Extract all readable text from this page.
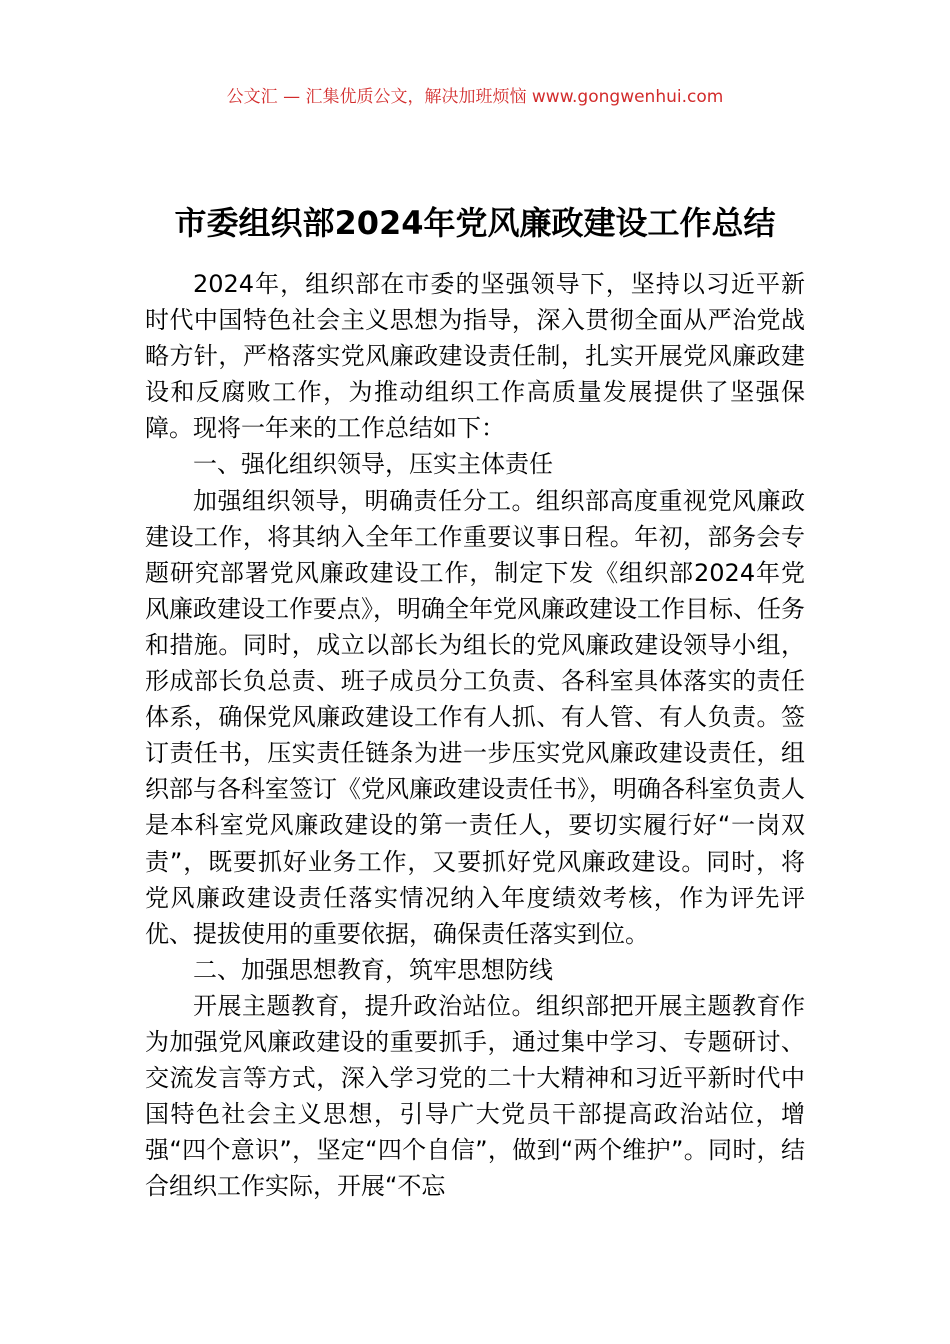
公文汇 — 汇集优质公文，解决加班烦恼 www.gongwenhui.com
市委组织部2024年党风廉政建设工作总结

2024年，组织部在市委的坚强领导下，坚持以习近平新时代中国特色社会主义思想为指导，深入贯彻全面从严治党战略方针，严格落实党风廉政建设责任制，扎实开展党风廉政建设和反腐败工作，为推动组织工作高质量发展提供了坚强保障。现将一年来的工作总结如下：

一、强化组织领导，压实主体责任

加强组织领导，明确责任分工。组织部高度重视党风廉政建设工作，将其纳入全年工作重要议事日程。年初，部务会专题研究部署党风廉政建设工作，制定下发《组织部2024年党风廉政建设工作要点》，明确全年党风廉政建设工作目标、任务和措施。同时，成立以部长为组长的党风廉政建设领导小组，形成部长负总责、班子成员分工负责、各科室具体落实的责任体系，确保党风廉政建设工作有人抓、有人管、有人负责。签订责任书，压实责任链条为进一步压实党风廉政建设责任，组织部与各科室签订《党风廉政建设责任书》，明确各科室负责人是本科室党风廉政建设的第一责任人，要切实履行好“一岗双责”，既要抓好业务工作，又要抓好党风廉政建设。同时，将党风廉政建设责任落实情况纳入年度绩效考核，作为评先评优、提拔使用的重要依据，确保责任落实到位。

二、加强思想教育，筑牢思想防线

开展主题教育，提升政治站位。组织部把开展主题教育作为加强党风廉政建设的重要抓手，通过集中学习、专题研讨、交流发言等方式，深入学习党的二十大精神和习近平新时代中国特色社会主义思想，引导广大党员干部提高政治站位，增强“四个意识”，坚定“四个自信”，做到“两个维护”。同时，结合组织工作实际，开展“不忘
